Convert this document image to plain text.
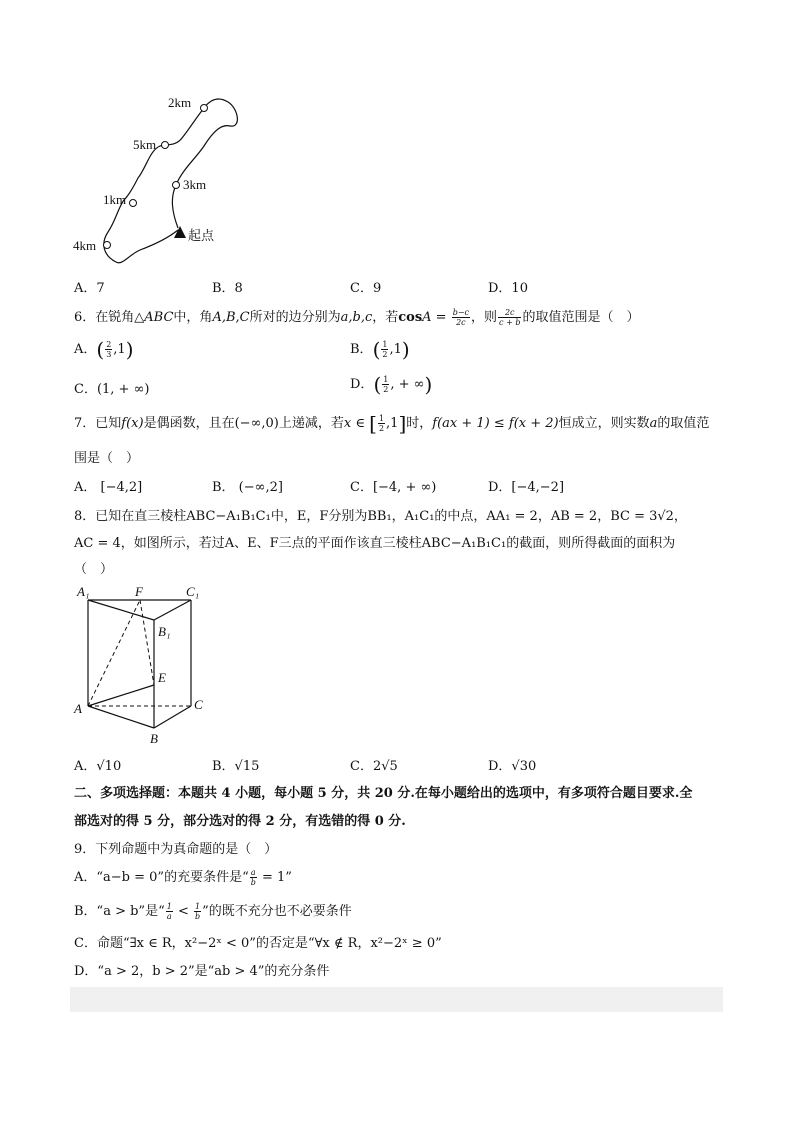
2km
5km
3km
1km
4km
起点
A．7	B．8	C．9	D．10
6．在锐角△ABC中，角A,B,C所对的边分别为a,b,c，若$\cos A = \frac{b-c}{2c}$ ，则 $\frac{2c}{c + b}$ 的取值范围是（　）
A．( $\frac{2}{3} ,1$)	B．( $\frac{1}{2} ,1$)
C．(1, + ∞)	D．( $\frac{1}{2}$ , + ∞)
7．已知f(x)是偶函数，且在(−∞,0)上递减，若x ∈ [ $\frac{1}{2} ,1$]时，f(ax + 1) ≤ f(x + 2)恒成立，则实数a的取值范
围是（　）
A． [−4,2]	B． (−∞,2]	C．[−4, + ∞)	D．[−4,−2]
8．已知在直三棱柱ABC−A₁B₁C₁中，E，F分别为BB₁，A₁C₁的中点，AA₁ = 2，AB = 2，BC = 3√2，
AC = 4，如图所示，若过A、E、F三点的平面作该直三棱柱ABC−A₁B₁C₁的截面，则所得截面的面积为
（　）
A₁	F	C₁
B₁
E
A	C
B
A．√10	B．√15	C．2√5	D．√30
二、多项选择题：本题共 4 小题，每小题 5 分，共 20 分.在每小题给出的选项中，有多项符合题目要求.全
部选对的得 5 分，部分选对的得 2 分，有选错的得 0 分.
9．下列命题中为真命题的是（　）
A．“a−b = 0”的充要条件是“ $\frac{a}{b} = 1$”
B．“a > b”是“ $\frac{1}{a} < \frac{1}{b}$ ”的既不充分也不必要条件
C．命题“∃x ∈ R，x²−2ˣ < 0”的否定是“∀x ∉ R，x²−2ˣ ≥ 0”
D．“a > 2，b > 2”是“ab > 4”的充分条件
